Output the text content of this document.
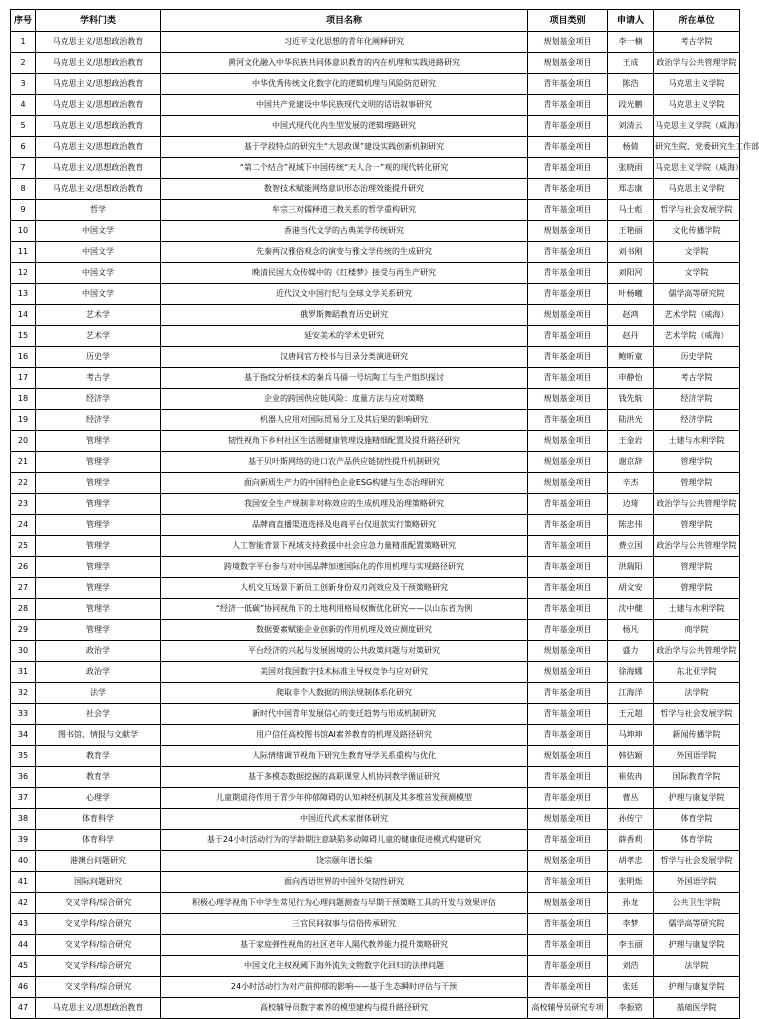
序号	学科门类	项目名称	项目类别	申请人	所在单位
1	马克思主义/思想政治教育	习近平文化思想的青年化阐释研究	规划基金项目	李一楠	考古学院
2	马克思主义/思想政治教育	黄河文化融入中华民族共同体意识教育的内在机理和实践进路研究	规划基金项目	王成	政治学与公共管理学院
3	马克思主义/思想政治教育	中华优秀传统文化数字化的逻辑机理与风险防范研究	青年基金项目	陈浩	马克思主义学院
4	马克思主义/思想政治教育	中国共产党建设中华民族现代文明的话语叙事研究	青年基金项目	段光鹏	马克思主义学院
5	马克思主义/思想政治教育	中国式现代化内生型发展的逻辑理路研究	青年基金项目	刘清云	马克思主义学院（威海）
6	马克思主义/思想政治教育	基于学段特点的研究生“大思政课”建设实践创新机制研究	青年基金项目	杨倩	研究生院、党委研究生工作部
7	马克思主义/思想政治教育	“第二个结合”视域下中国传统“天人合一”观的现代转化研究	青年基金项目	张晓雨	马克思主义学院（威海）
8	马克思主义/思想政治教育	数智技术赋能网络意识形态治理效能提升研究	青年基金项目	郑志康	马克思主义学院
9	哲学	牟宗三对儒释道三教关系的哲学重构研究	青年基金项目	马士彪	哲学与社会发展学院
10	中国文学	香港当代文学的古典美学传统研究	规划基金项目	王艳丽	文化传播学院
11	中国文学	先秦两汉雅俗观念的演变与雅文学传统的生成研究	青年基金项目	刘书刚	文学院
12	中国文学	晚清民国大众传媒中的《红楼梦》接受与再生产研究	青年基金项目	刘阳河	文学院
13	中国文学	近代汉文中国行纪与全球文学关系研究	青年基金项目	叶杨曦	儒学高等研究院
14	艺术学	俄罗斯舞蹈教育历史研究	规划基金项目	赵鸿	艺术学院（威海）
15	艺术学	延安美术的学术史研究	青年基金项目	赵丹	艺术学院（威海）
16	历史学	汉唐间官方校书与目录分类演进研究	青年基金项目	鲍昕童	历史学院
17	考古学	基于指纹分析技术的秦兵马俑一号坑陶工与生产组织探讨	青年基金项目	申静怡	考古学院
18	经济学	企业的跨国供应链风险：度量方法与应对策略	规划基金项目	钱先航	经济学院
19	经济学	机器人应用对国际贸易分工及其后果的影响研究	青年基金项目	陆洪光	经济学院
20	管理学	韧性视角下乡村社区生活圈健康管理设施精细配置及提升路径研究	规划基金项目	王金岩	土建与水利学院
21	管理学	基于贝叶斯网络的进口农产品供应链韧性提升机制研究	规划基金项目	谢京辞	管理学院
22	管理学	面向新质生产力的中国特色企业ESG构建与生态治理研究	规划基金项目	辛杰	管理学院
23	管理学	我国安全生产规制非对称效应的生成机理及治理策略研究	青年基金项目	边琦	政治学与公共管理学院
24	管理学	品牌商直播渠道选择及电商平台仅退款实行策略研究	青年基金项目	陈忠伟	管理学院
25	管理学	人工智能背景下视域支持救援中社会应急力量精准配置策略研究	青年基金项目	费立国	政治学与公共管理学院
26	管理学	跨境数字平台参与对中国品牌加速国际化的作用机理与实现路径研究	青年基金项目	洪瑞阳	管理学院
27	管理学	人机交互场景下新员工创新身份双刃剑效应及干预策略研究	青年基金项目	胡文安	管理学院
28	管理学	“经济一低碳”协同视角下的土地利用格局权衡优化研究——以山东省为例	青年基金项目	沈中健	土建与水利学院
29	管理学	数据要素赋能企业创新的作用机理及效应测度研究	青年基金项目	杨凡	商学院
30	政治学	平台经济的兴起与发展困境的公共政策问题与对策研究	规划基金项目	盛力	政治学与公共管理学院
31	政治学	美国对我国数字技术标准主导权竞争与应对研究	规划基金项目	徐海娜	东北亚学院
32	法学	爬取非个人数据的刑法规制体系化研究	青年基金项目	江海洋	法学院
33	社会学	新时代中国青年发展信心的变迁趋势与形成机制研究	青年基金项目	王元超	哲学与社会发展学院
34	图书馆、情报与文献学	用户信任高校图书馆AI素养教育的机理及路径研究	青年基金项目	马坤坤	新闻传播学院
35	教育学	人际情绪调节视角下研究生教育导学关系重构与优化	规划基金项目	韩佶颖	外国语学院
36	教育学	基于多模态数据挖掘的高职课堂人机协同教学循证研究	青年基金项目	崔依冉	国际教育学院
37	心理学	儿童期虐待作用于青少年抑郁障碍的认知神经机制及其多维首发预测模型	青年基金项目	曹丛	护理与康复学院
38	体育科学	中国近代武术家群体研究	规划基金项目	孙传宁	体育学院
39	体育科学	基于24小时活动行为的学龄期注意缺陷多动障碍儿童的健康促进模式构建研究	青年基金项目	薛香莉	体育学院
40	港澳台问题研究	饶宗颐年谱长编	规划基金项目	胡孝忠	哲学与社会发展学院
41	国际问题研究	面向西语世界的中国外交韧性研究	青年基金项目	张明烁	外国语学院
42	交叉学科/综合研究	积极心理学视角下中学生常见行为心理问题测查与早期干预策略工具的开发与效果评估	规划基金项目	孙龙	公共卫生学院
43	交叉学科/综合研究	三官民间叙事与信俗传承研究	青年基金项目	李梦	儒学高等研究院
44	交叉学科/综合研究	基于家庭弹性视角的社区老年人隔代教养能力提升策略研究	青年基金项目	李玉丽	护理与康复学院
45	交叉学科/综合研究	中国文化主权视阈下海外流失文物数字化回归的法律问题	青年基金项目	刘浩	法学院
46	交叉学科/综合研究	24小时活动行为对产前抑郁的影响——基于生态瞬时评估与干预	青年基金项目	张廷	护理与康复学院
47	马克思主义/思想政治教育	高校辅导员数字素养的模型建构与提升路径研究	高校辅导员研究专项	李振铭	基础医学院
